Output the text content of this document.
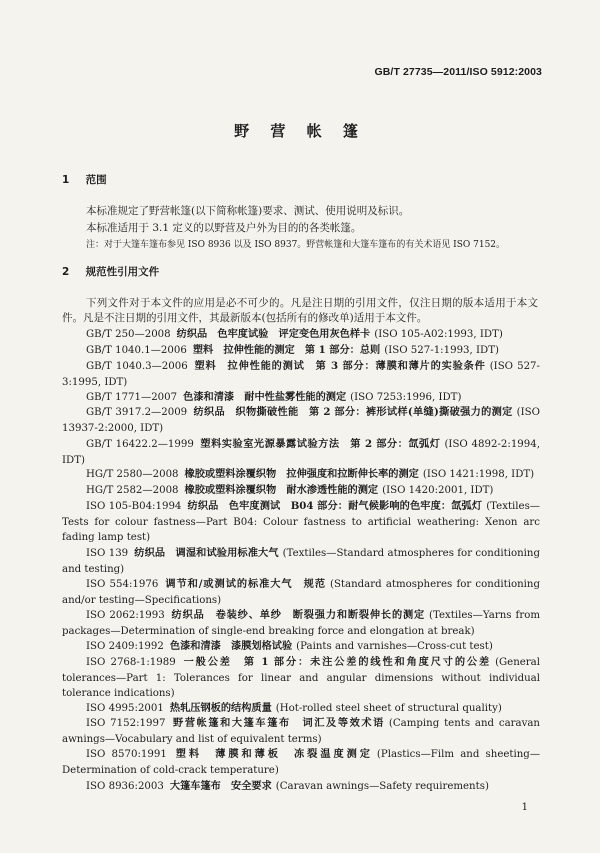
GB/T 27735—2011/ISO 5912:2003
野 营 帐 篷
1 范围
本标准规定了野营帐篷(以下简称帐篷)要求、测试、使用说明及标识。
本标准适用于 3.1 定义的以野营及户外为目的的各类帐篷。
注：对于大篷车篷布参见 ISO 8936 以及 ISO 8937。野营帐篷和大篷车篷布的有关术语见 ISO 7152。
2 规范性引用文件
下列文件对于本文件的应用是必不可少的。凡是注日期的引用文件，仅注日期的版本适用于本文件。凡是不注日期的引用文件，其最新版本(包括所有的修改单)适用于本文件。
GB/T 250—2008 纺织品　色牢度试验　评定变色用灰色样卡 (ISO 105-A02:1993, IDT)
GB/T 1040.1—2006 塑料　拉伸性能的测定　第 1 部分：总则 (ISO 527-1:1993, IDT)
GB/T 1040.3—2006 塑料　拉伸性能的测试　第 3 部分：薄膜和薄片的实验条件 (ISO 527-3:1995, IDT)
GB/T 1771—2007 色漆和清漆　耐中性盐雾性能的测定 (ISO 7253:1996, IDT)
GB/T 3917.2—2009 纺织品　织物撕破性能　第 2 部分：裤形试样(单缝)撕破强力的测定 (ISO 13937-2:2000, IDT)
GB/T 16422.2—1999 塑料实验室光源暴露试验方法　第 2 部分：氙弧灯 (ISO 4892-2:1994, IDT)
HG/T 2580—2008 橡胶或塑料涂覆织物　拉伸强度和拉断伸长率的测定 (ISO 1421:1998, IDT)
HG/T 2582—2008 橡胶或塑料涂覆织物　耐水渗透性能的测定 (ISO 1420:2001, IDT)
ISO 105-B04:1994 纺织品　色牢度测试　B04 部分：耐气候影响的色牢度：氙弧灯 (Textiles—Tests for colour fastness—Part B04: Colour fastness to artificial weathering: Xenon arc fading lamp test)
ISO 139 纺织品　调湿和试验用标准大气 (Textiles—Standard atmospheres for conditioning and testing)
ISO 554:1976 调节和/或测试的标准大气　规范 (Standard atmospheres for conditioning and/or testing—Specifications)
ISO 2062:1993 纺织品　卷装纱、单纱　断裂强力和断裂伸长的测定 (Textiles—Yarns from packages—Determination of single-end breaking force and elongation at break)
ISO 2409:1992 色漆和清漆　漆膜划格试验 (Paints and varnishes—Cross-cut test)
ISO 2768-1:1989 一般公差　第 1 部分：未注公差的线性和角度尺寸的公差 (General tolerances—Part 1: Tolerances for linear and angular dimensions without individual tolerance indications)
ISO 4995:2001 热轧压钢板的结构质量 (Hot-rolled steel sheet of structural quality)
ISO 7152:1997 野营帐篷和大篷车篷布　词汇及等效术语 (Camping tents and caravan awnings—Vocabulary and list of equivalent terms)
ISO 8570:1991 塑料　薄膜和薄板　冻裂温度测定 (Plastics—Film and sheeting—Determination of cold-crack temperature)
ISO 8936:2003 大篷车篷布　安全要求 (Caravan awnings—Safety requirements)
1
